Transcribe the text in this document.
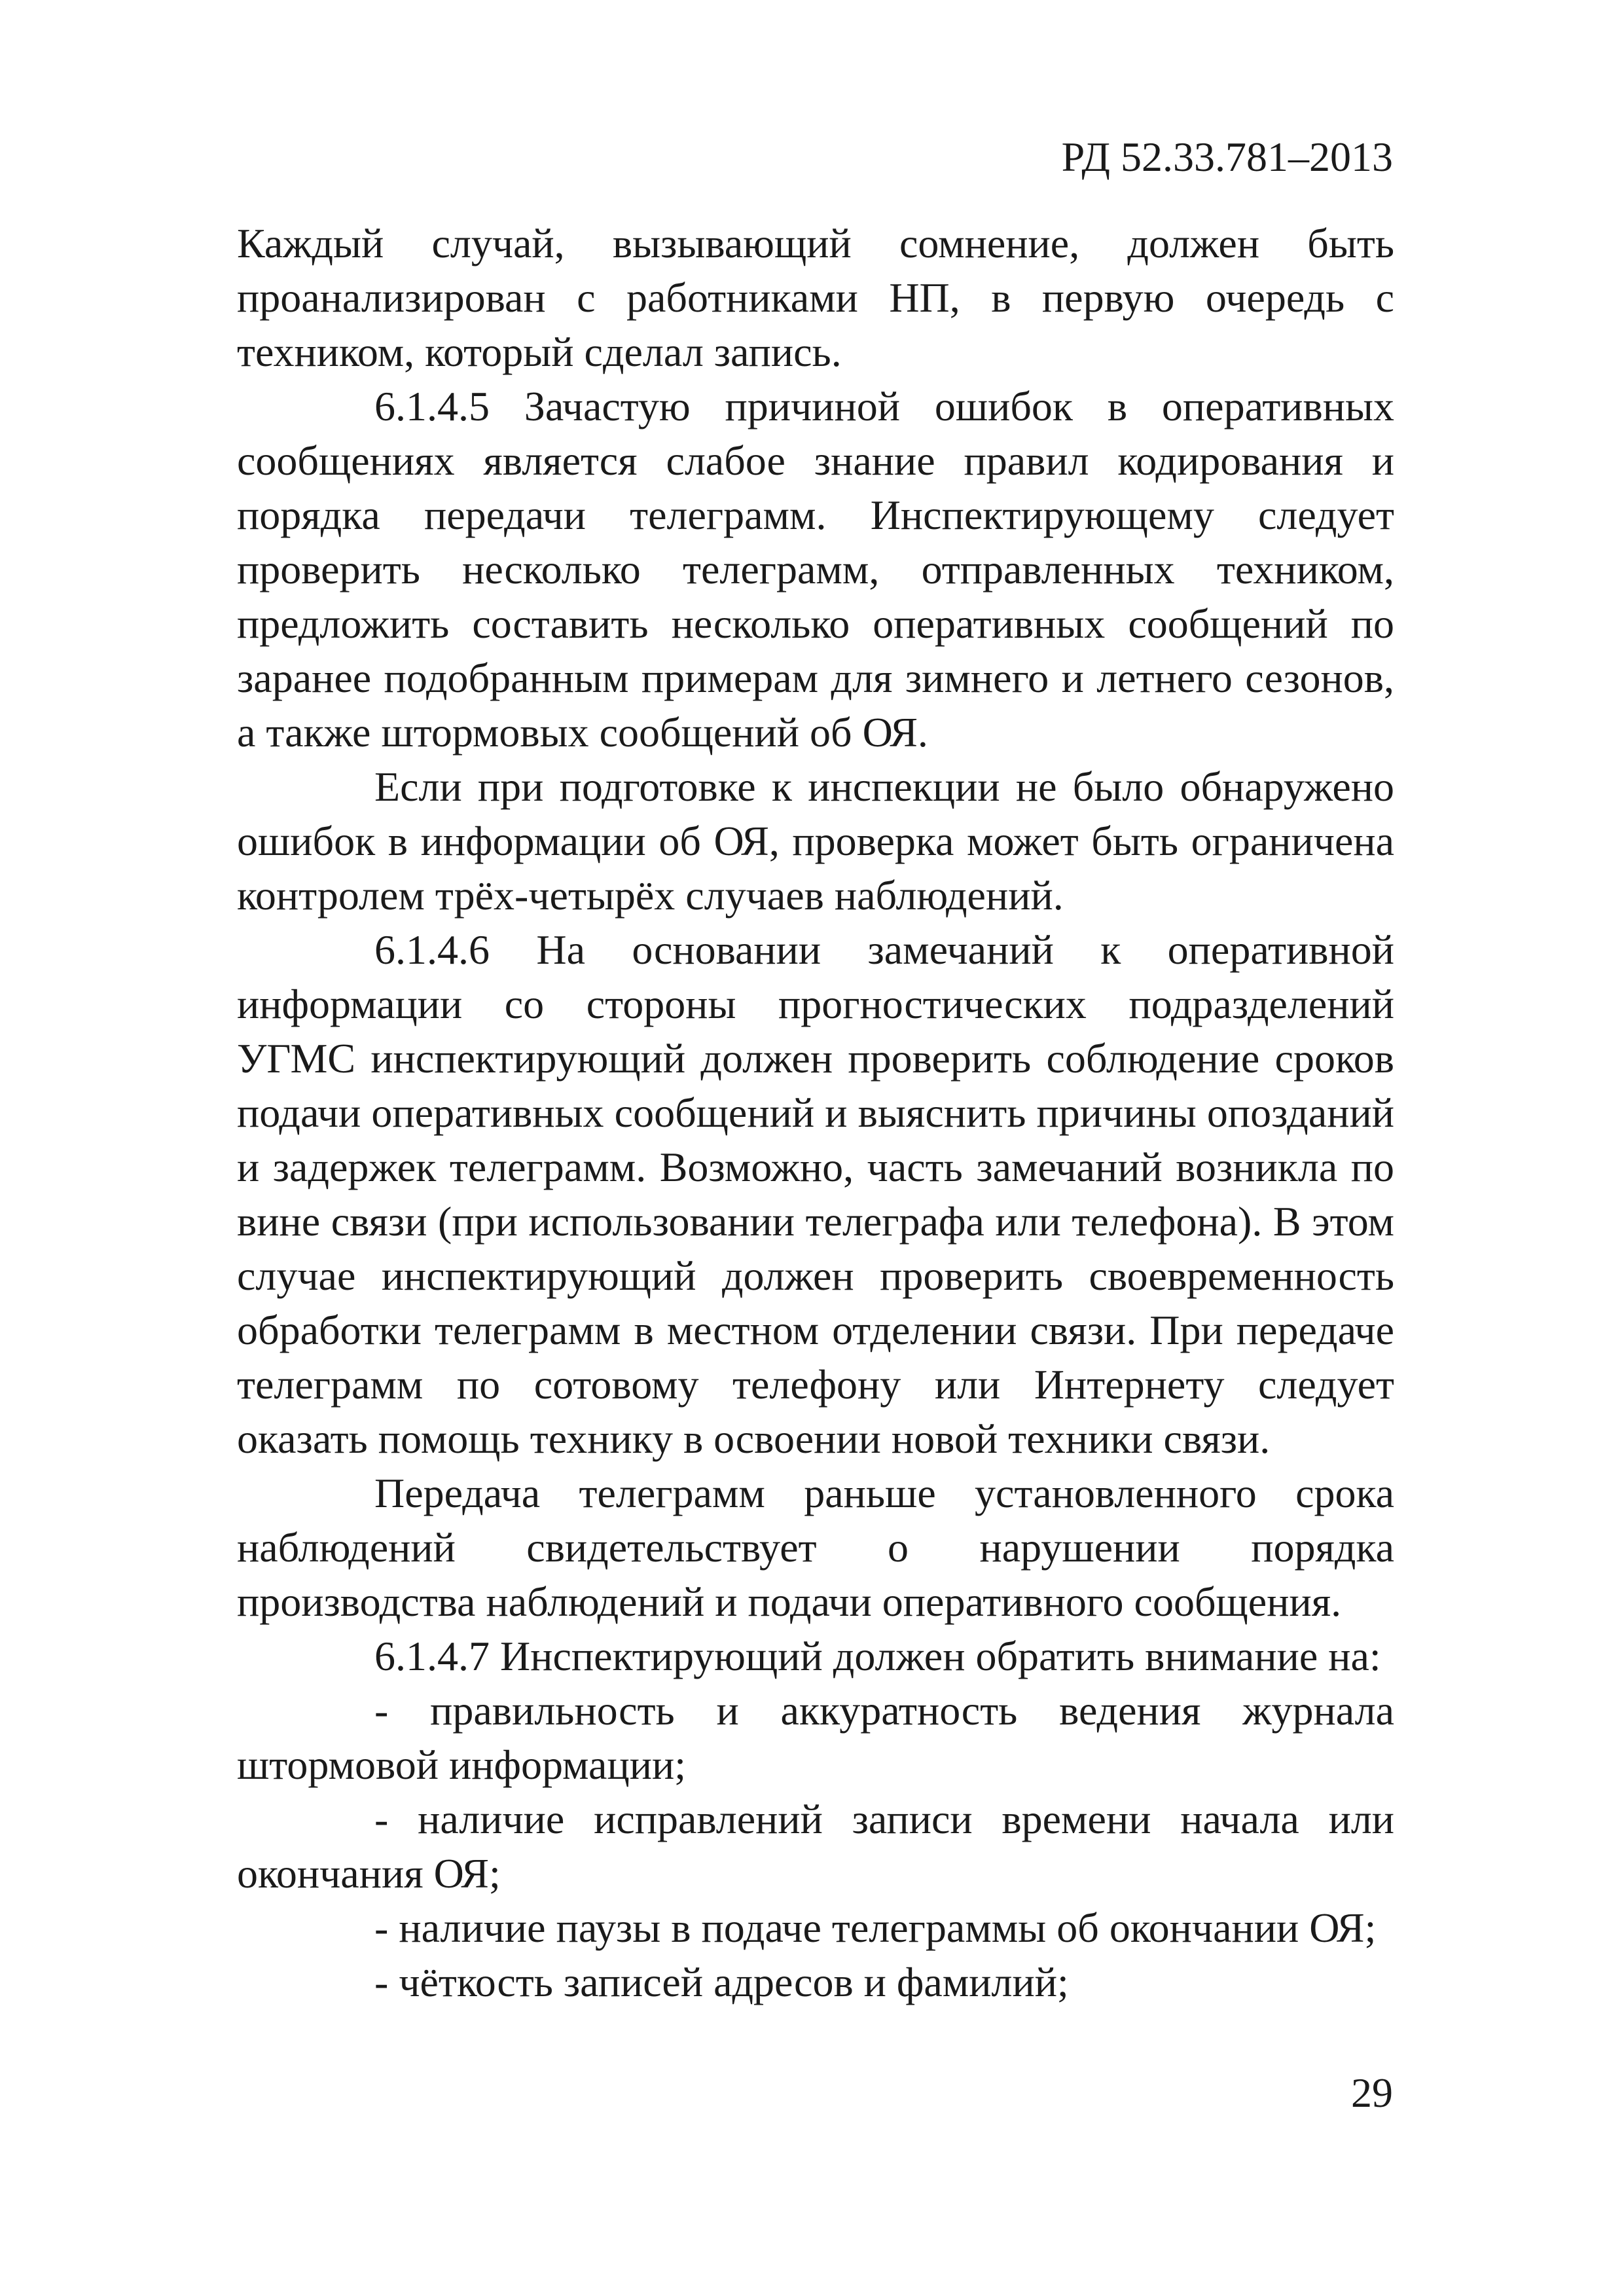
РД 52.33.781–2013

Каждый случай, вызывающий сомнение, должен быть проанализирован с работниками НП, в первую очередь с техником, который сделал запись.

6.1.4.5 Зачастую причиной ошибок в оперативных сообщениях является слабое знание правил кодирования и порядка передачи телеграмм. Инспектирующему следует проверить несколько телеграмм, отправленных техником, предложить составить несколько оперативных сообщений по заранее подобранным примерам для зимнего и летнего сезонов, а также штормовых сообщений об ОЯ.

Если при подготовке к инспекции не было обнаружено ошибок в информации об ОЯ, проверка может быть ограничена контролем трёх-четырёх случаев наблюдений.

6.1.4.6 На основании замечаний к оперативной информации со стороны прогностических подразделений УГМС инспектирующий должен проверить соблюдение сроков подачи оперативных сообщений и выяснить причины опозданий и задержек телеграмм. Возможно, часть замечаний возникла по вине связи (при использовании телеграфа или телефона). В этом случае инспектирующий должен проверить своевременность обработки телеграмм в местном отделении связи. При передаче телеграмм по сотовому телефону или Интернету следует оказать помощь технику в освоении новой техники связи.

Передача телеграмм раньше установленного срока наблюдений свидетельствует о нарушении порядка производства наблюдений и подачи оперативного сообщения.

6.1.4.7 Инспектирующий должен обратить внимание на:

- правильность и аккуратность ведения журнала штормовой информации;

- наличие исправлений записи времени начала или окончания ОЯ;

- наличие паузы в подаче телеграммы об окончании ОЯ;

- чёткость записей адресов и фамилий;

29
